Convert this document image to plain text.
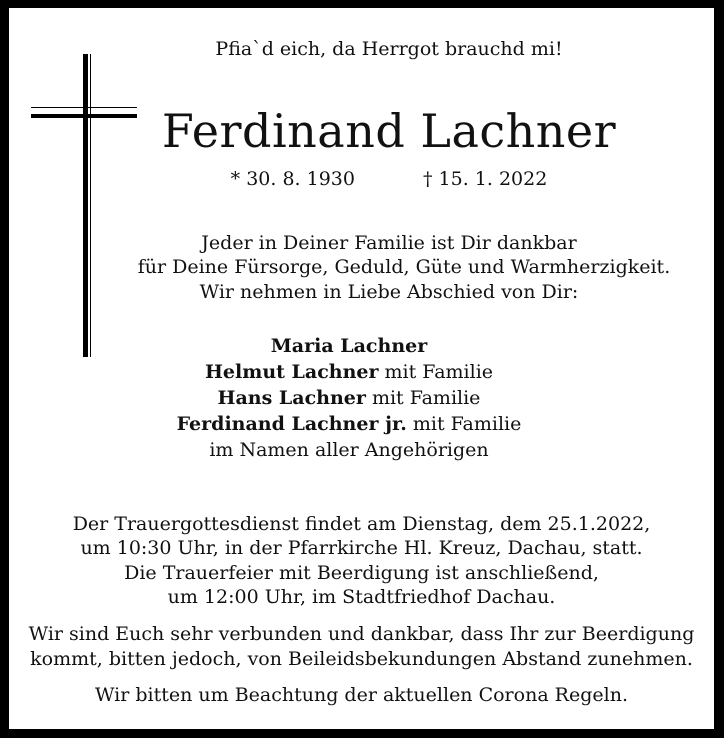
Pfia`d eich, da Herrgot brauchd mi!
Ferdinand Lachner
* 30. 8. 1930	† 15. 1. 2022
Jeder in Deiner Familie ist Dir dankbar
für Deine Fürsorge, Geduld, Güte und Warmherzigkeit.
Wir nehmen in Liebe Abschied von Dir:
Maria Lachner
Helmut Lachner mit Familie
Hans Lachner mit Familie
Ferdinand Lachner jr. mit Familie
im Namen aller Angehörigen
Der Trauergottesdienst findet am Dienstag, dem 25.1.2022,
um 10:30 Uhr, in der Pfarrkirche Hl. Kreuz, Dachau, statt.
Die Trauerfeier mit Beerdigung ist anschließend,
um 12:00 Uhr, im Stadtfriedhof Dachau.
Wir sind Euch sehr verbunden und dankbar, dass Ihr zur Beerdigung
kommt, bitten jedoch, von Beileidsbekundungen Abstand zunehmen.
Wir bitten um Beachtung der aktuellen Corona Regeln.
